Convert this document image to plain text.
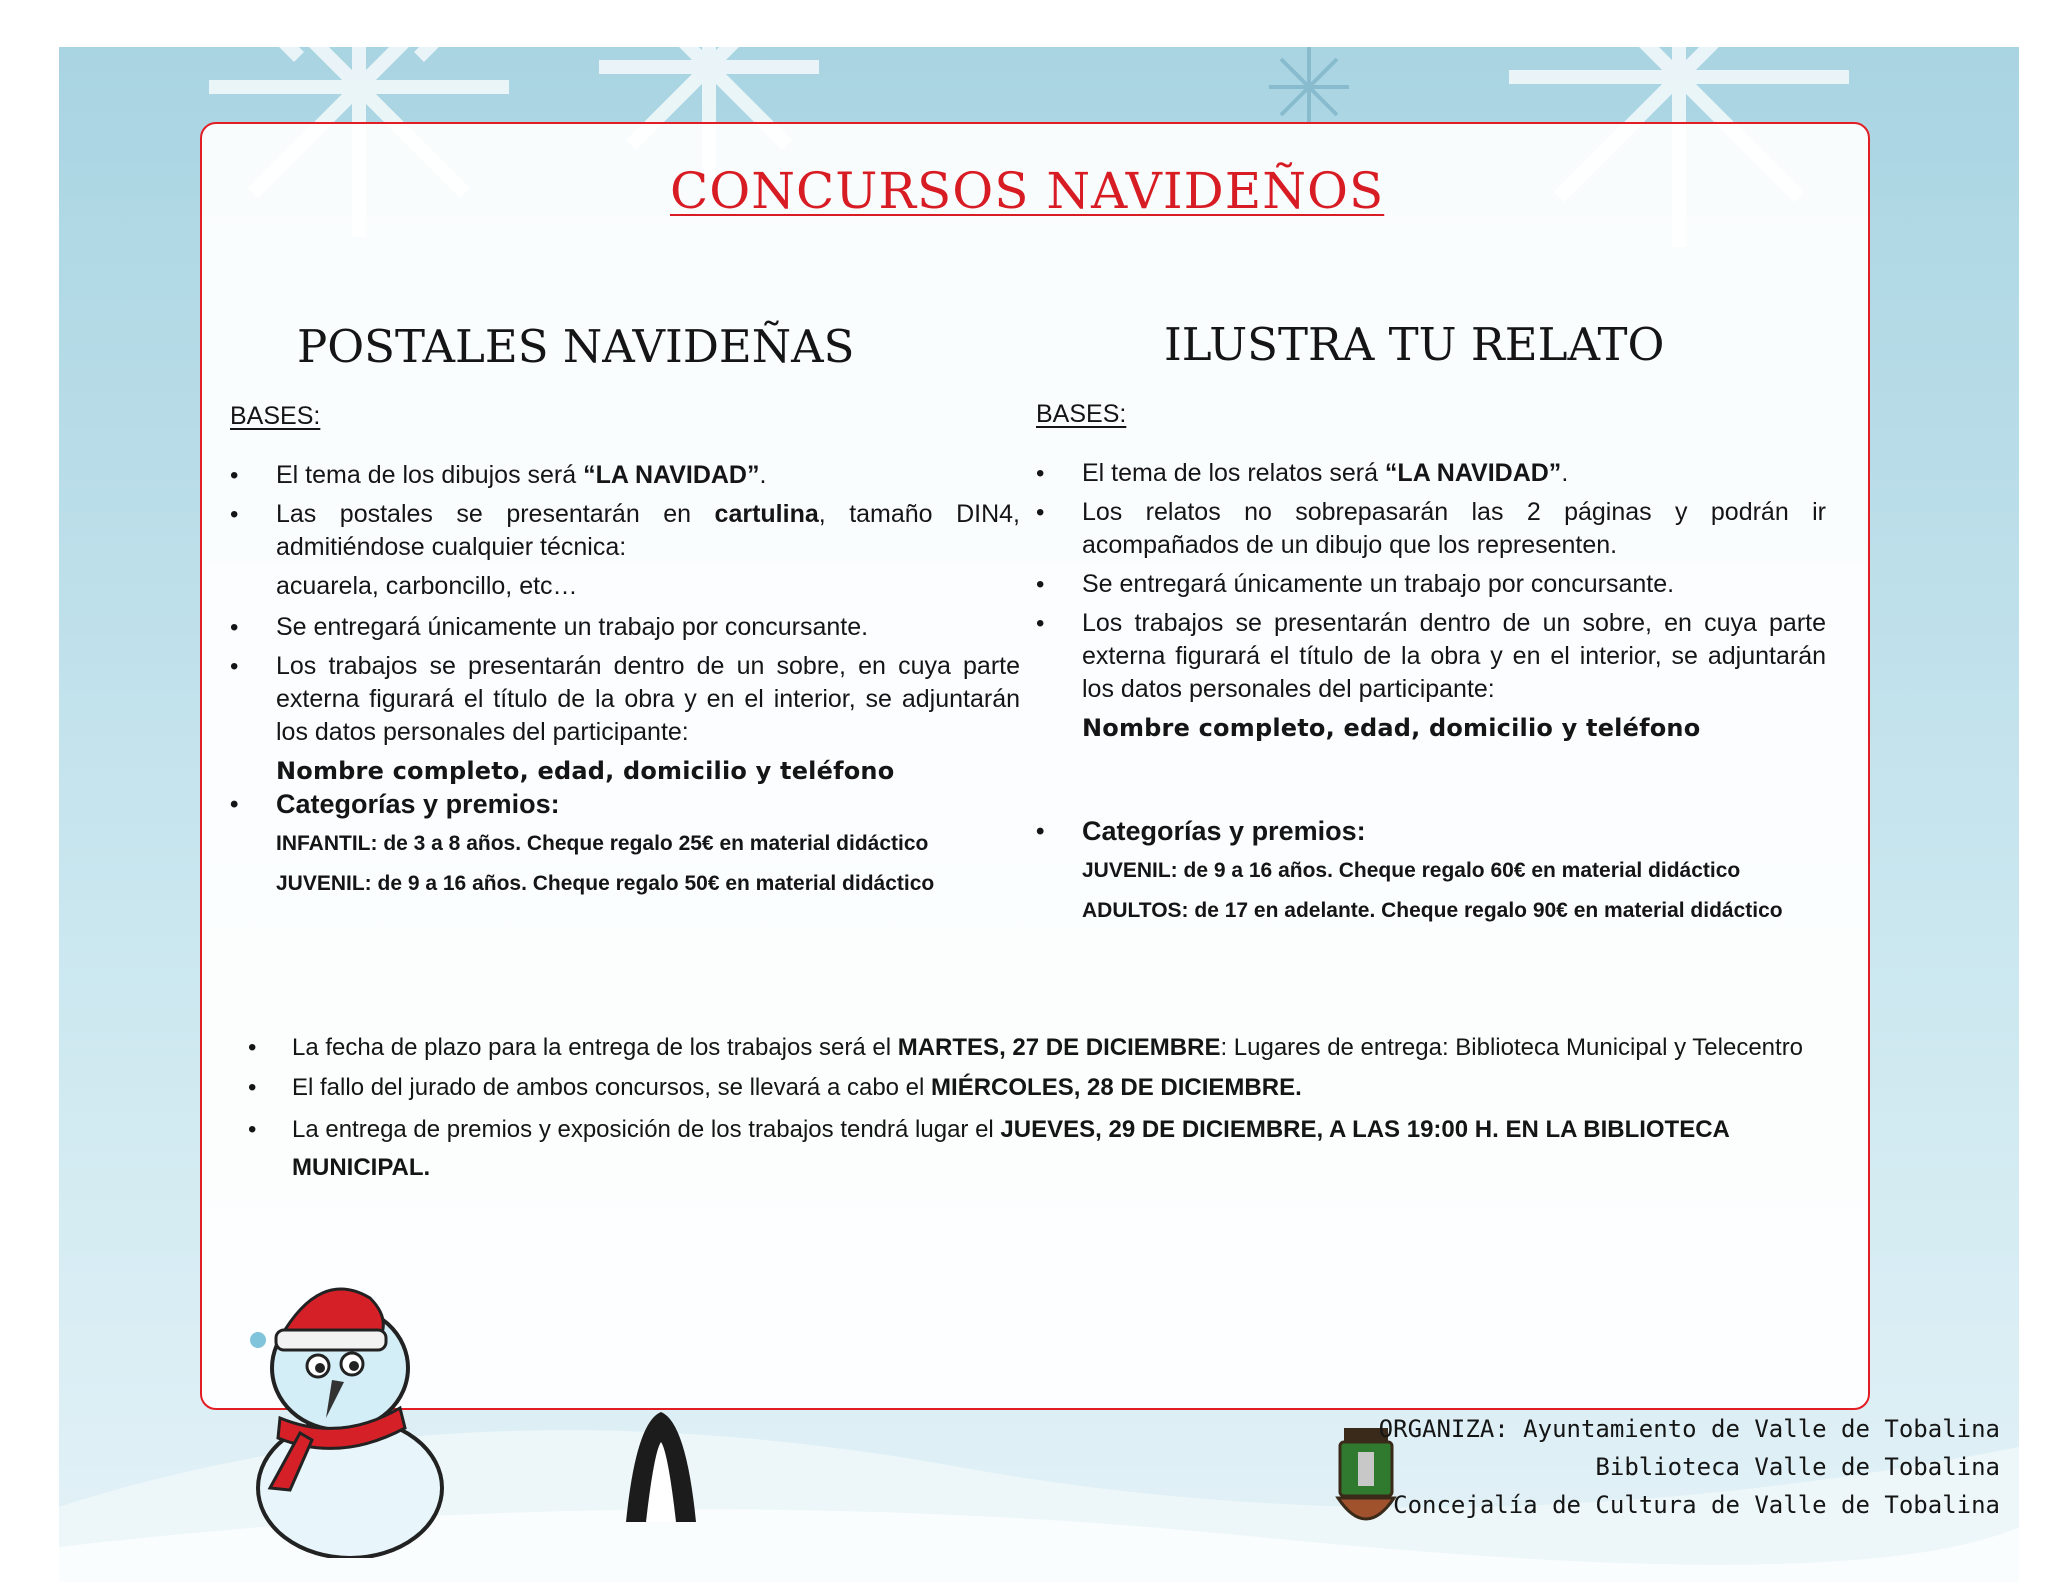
CONCURSOS NAVIDEÑOS
POSTALES NAVIDEÑAS	ILUSTRA TU RELATO
BASES:
• El tema de los dibujos será “LA NAVIDAD”.
• Las postales se presentarán en cartulina, tamaño DIN4, admitiéndose cualquier técnica:
acuarela, carboncillo, etc…
• Se entregará únicamente un trabajo por concursante.
• Los trabajos se presentarán dentro de un sobre, en cuya parte externa figurará el título de la obra y en el interior, se adjuntarán los datos personales del participante:
Nombre completo, edad, domicilio y teléfono
• Categorías y premios:
INFANTIL: de 3 a 8 años. Cheque regalo 25€ en material didáctico
JUVENIL: de 9 a 16 años. Cheque regalo 50€ en material didáctico
BASES:
• El tema de los relatos será “LA NAVIDAD”.
• Los relatos no sobrepasarán las 2 páginas y podrán ir acompañados de un dibujo que los representen.
• Se entregará únicamente un trabajo por concursante.
• Los trabajos se presentarán dentro de un sobre, en cuya parte externa figurará el título de la obra y en el interior, se adjuntarán los datos personales del participante:
Nombre completo, edad, domicilio y teléfono
• Categorías y premios:
JUVENIL: de 9 a 16 años. Cheque regalo 60€ en material didáctico
ADULTOS: de 17 en adelante. Cheque regalo 90€ en material didáctico
• La fecha de plazo para la entrega de los trabajos será el MARTES, 27 DE DICIEMBRE: Lugares de entrega: Biblioteca Municipal y Telecentro
• El fallo del jurado de ambos concursos, se llevará a cabo el MIÉRCOLES, 28 DE DICIEMBRE.
• La entrega de premios y exposición de los trabajos tendrá lugar el JUEVES, 29 DE DICIEMBRE, A LAS 19:00 H. EN LA BIBLIOTECA MUNICIPAL.
ORGANIZA: Ayuntamiento de Valle de Tobalina
Biblioteca Valle de Tobalina
Concejalía de Cultura de Valle de Tobalina
